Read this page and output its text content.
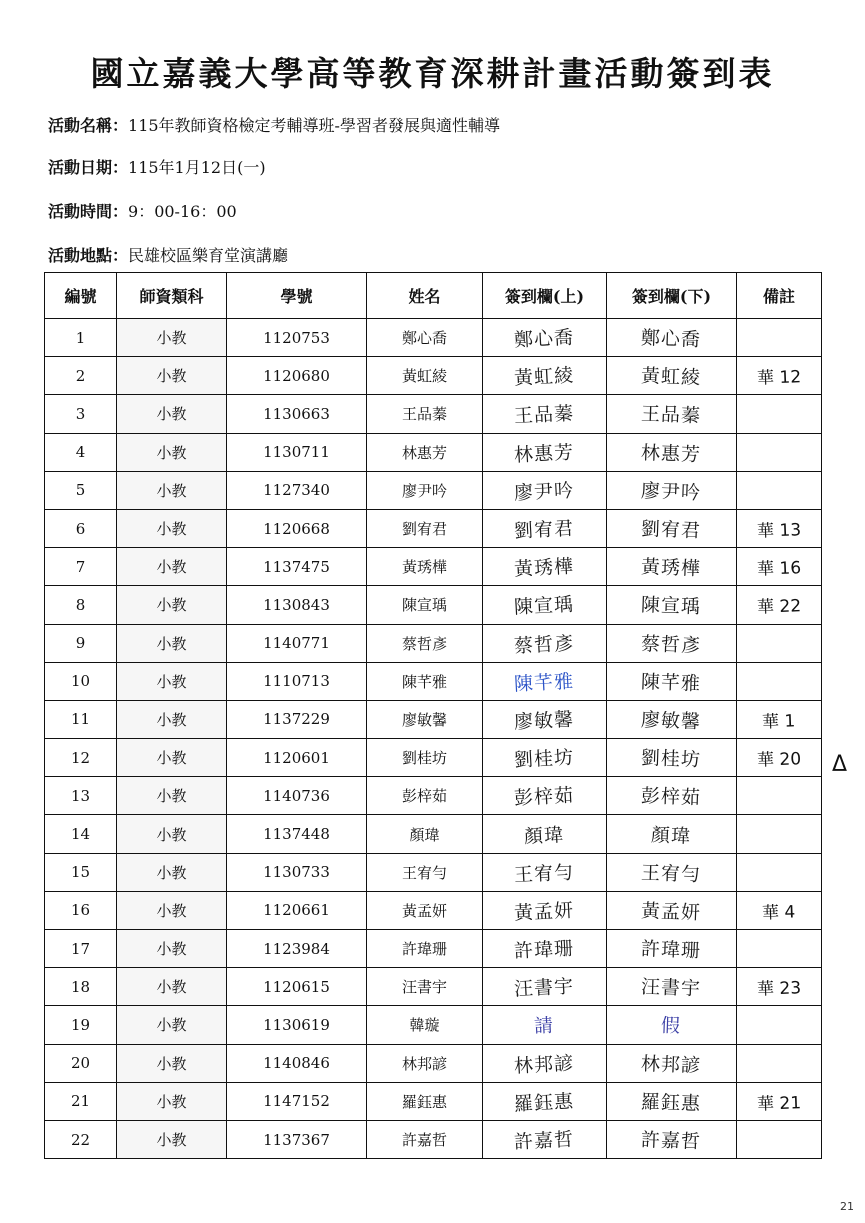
國立嘉義大學高等教育深耕計畫活動簽到表
活動名稱：115年教師資格檢定考輔導班-學習者發展與適性輔導
活動日期：115年1月12日(一)
活動時間：9：00-16：00
活動地點：民雄校區樂育堂演講廳
編號	師資類科	學號	姓名	簽到欄(上)	簽到欄(下)	備註
1	小教	1120753	鄭心喬	鄭心喬	鄭心喬	
2	小教	1120680	黃虹綾	黃虹綾	黃虹綾	華 12
3	小教	1130663	王品蓁	王品蓁	王品蓁	
4	小教	1130711	林惠芳	林惠芳	林惠芳	
5	小教	1127340	廖尹吟	廖尹吟	廖尹吟	
6	小教	1120668	劉宥君	劉宥君	劉宥君	華 13
7	小教	1137475	黃琇樺	黃琇樺	黃琇樺	華 16
8	小教	1130843	陳宣瑀	陳宣瑀	陳宣瑀	華 22
9	小教	1140771	蔡哲彥	蔡哲彥	蔡哲彥	
10	小教	1110713	陳芊雅	陳芊雅	陳芊雅	
11	小教	1137229	廖敏馨	廖敏馨	廖敏馨	華 1
12	小教	1120601	劉桂坊	劉桂坊	劉桂坊	華 20
13	小教	1140736	彭梓茹	彭梓茹	彭梓茹	
14	小教	1137448	顏瑋	顏瑋	顏瑋	
15	小教	1130733	王宥勻	王宥勻	王宥勻	
16	小教	1120661	黃孟妍	黃孟妍	黃孟妍	華 4
17	小教	1123984	許瑋珊	許瑋珊	許瑋珊	
18	小教	1120615	汪書宇	汪書宇	汪書宇	華 23
19	小教	1130619	韓璇	請	假	
20	小教	1140846	林邦諺	林邦諺	林邦諺	
21	小教	1147152	羅鈺惠	羅鈺惠	羅鈺惠	華 21
22	小教	1137367	許嘉哲	許嘉哲	許嘉哲	
Δ
21
